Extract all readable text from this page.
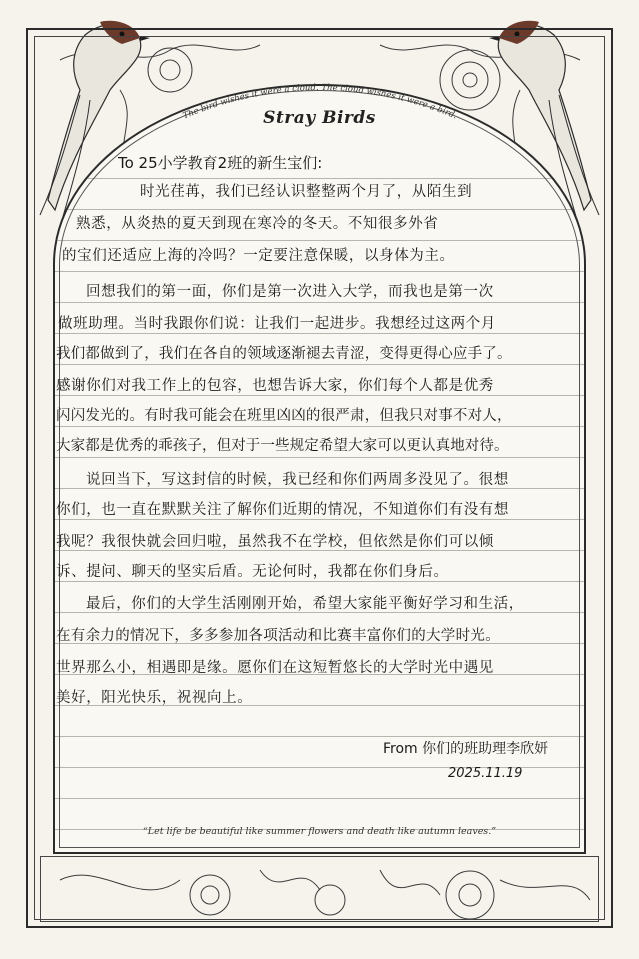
The bird wishes it were a cloud. The cloud wishes it were a bird.
Stray Birds
To 25小学教育2班的新生宝们:
时光荏苒，我们已经认识整整两个月了，从陌生到
熟悉，从炎热的夏天到现在寒冷的冬天。不知很多外省
的宝们还适应上海的冷吗？一定要注意保暖，以身体为主。
回想我们的第一面，你们是第一次进入大学，而我也是第一次
做班助理。当时我跟你们说：让我们一起进步。我想经过这两个月
我们都做到了，我们在各自的领域逐渐褪去青涩，变得更得心应手了。
感谢你们对我工作上的包容，也想告诉大家，你们每个人都是优秀
闪闪发光的。有时我可能会在班里凶凶的很严肃，但我只对事不对人，
大家都是优秀的乖孩子，但对于一些规定希望大家可以更认真地对待。
说回当下，写这封信的时候，我已经和你们两周多没见了。很想
你们，也一直在默默关注了解你们近期的情况，不知道你们有没有想
我呢？我很快就会回归啦，虽然我不在学校，但依然是你们可以倾
诉、提问、聊天的坚实后盾。无论何时，我都在你们身后。
最后，你们的大学生活刚刚开始，希望大家能平衡好学习和生活，
在有余力的情况下，多多参加各项活动和比赛丰富你们的大学时光。
世界那么小，相遇即是缘。愿你们在这短暂悠长的大学时光中遇见
美好，阳光快乐，祝视向上。
From 你们的班助理李欣妍
2025.11.19
“Let life be beautiful like summer flowers and death like autumn leaves.”
